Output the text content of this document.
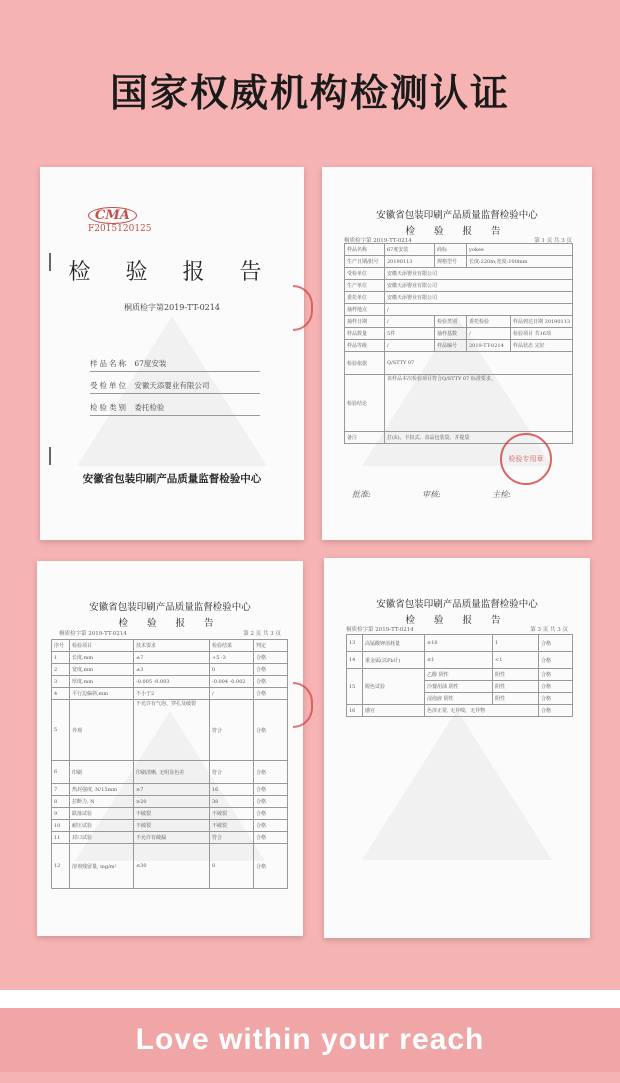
国家权威机构检测认证
CMA
F2015120125
检 验 报 告
桐质检字第2019-TT-0214
样品名称 67度安装
受检单位 安徽天添婴业有限公司
检验类别 委托检验
安徽省包装印刷产品质量监督检验中心
安徽省包装印刷产品质量监督检验中心
检 验 报 告
桐质检字第 2019-TT-0214	第 1 页 共 3 页
样品名称	67度安装	商标	yokee	
生产日期/批号	20190113	规格型号	长度:220m;宽度:100mm	
受检单位	安徽天添婴业有限公司			
生产单位	安徽天添婴业有限公司			
委托单位	安徽天添婴业有限公司			
抽样地点	/			
抽样日期	/	检验类别	委托检验	样品到达日期 20190113
样品数量	5件	抽样基数	/	检验项目 共16项
样品等级	/	样品编号	2019-TT-0214	样品状态 完好
检验依据	Q/STTY 07			
检验结论	该样品本次检验项目符合Q/STTY 07 标准要求。			
备注	打(E)、卡扣式、食品包装袋、并提袋			
检验专用章
批准:	审核:	主检:
安徽省包装印刷产品质量监督检验中心
检 验 报 告
桐质检字第 2019-TT-0214	第 2 页 共 3 页
序号	检验项目	技术要求	检验结果	判定
1	长度,mm	±7	+5 -3	合格
2	宽度,mm	±3	0	合格
3	厚度,mm	-0.005 -0.003	-0.004 -0.002	合格
4	平行边偏斜,mm	不小于2	/	合格
5	外观	不允许有气泡、穿孔及破裂	符合	合格
6	印刷	印刷清晰, 无明显色差	符合	合格
7	热封强度, N/15mm	≥7	16	合格
8	拉断力, N	≥20	38	合格
9	跌落试验	不破裂	不破裂	合格
10	耐压试验	不破裂	不破裂	合格
11	封口试验	不允许有破漏	符合	合格
12	溶剂残留量, mg/m²	≤30	8	合格
安徽省包装印刷产品质量监督检验中心
检 验 报 告
桐质检字第 2019-TT-0214	第 3 页 共 3 页
13	高锰酸钾消耗量	≤10	1	合格
14	重金属(以Pb计)	≤1	<1	合格
15	脱色试验	乙醇 阴性	阴性	合格
		冷餐用油 阴性	阴性	合格
		浸泡液 阴性	阴性	合格
16	感官	色泽正常, 无异嗅、无异物		合格
Love within your reach
